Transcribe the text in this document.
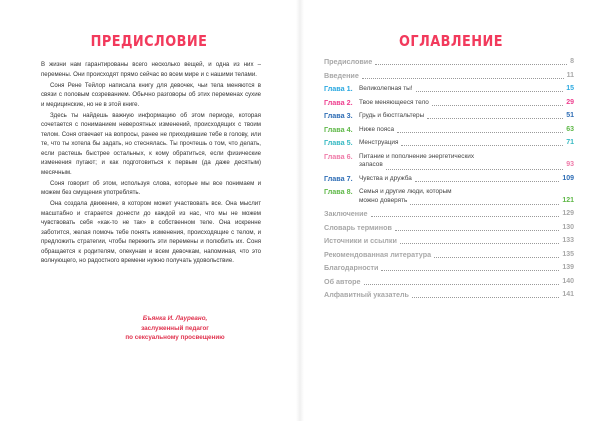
ПРЕДИСЛОВИЕ

В жизни нам гарантированы всего несколько вещей, и одна из них – перемены. Они происходят прямо сейчас во всем мире и с нашими телами.

Соня Рене Тейлор написала книгу для девочек, чьи тела меняются в связи с половым созреванием. Обычно разговоры об этих переменах сухие и медицинские, но не в этой книге.

Здесь ты найдешь важную информацию об этом периоде, которая сочетается с пониманием невероятных изменений, происходящих с твоим телом. Соня отвечает на вопросы, ранее не приходившие тебе в голову, или те, что ты хотела бы задать, но стеснялась. Ты прочтешь о том, что делать, если растешь быстрее остальных, к кому обратиться, если физические изменения пугают; и как подготовиться к первым (да даже десятым) месячным.

Соня говорит об этом, используя слова, которые мы все понимаем и можем без смущения употреблять.

Она создала движение, в котором может участвовать все. Она мыслит масштабно и старается донести до каждой из нас, что мы не можем чувствовать себя «как-то не так» в собственном теле. Она искренне заботится, желая помочь тебе понять изменения, происходящие с телом, и предложить стратегии, чтобы пережить эти перемены и полюбить их. Соня обращается к родителям, опекунам и всем девочкам, напоминая, что это волнующего, но радостного времени нужно получать удовольствие.

Бъянка И. Лауреано,
заслуженный педагог
по сексуальному просвещению
ОГЛАВЛЕНИЕ
Предисловие	8
Введение	11
Глава 1.	Великолепная ты!	15
Глава 2.	Твое меняющееся тело	29
Глава 3.	Грудь и бюстгальтеры	51
Глава 4.	Ниже пояса	63
Глава 5.	Менструация	71
Глава 6.	Питание и пополнение энергетических
запасов	93
Глава 7.	Чувства и дружба	109
Глава 8.	Семья и другие люди, которым
можно доверять	121
Заключение	129
Словарь терминов	130
Источники и ссылки	133
Рекомендованная литература	135
Благодарности	139
Об авторе	140
Алфавитный указатель	141
